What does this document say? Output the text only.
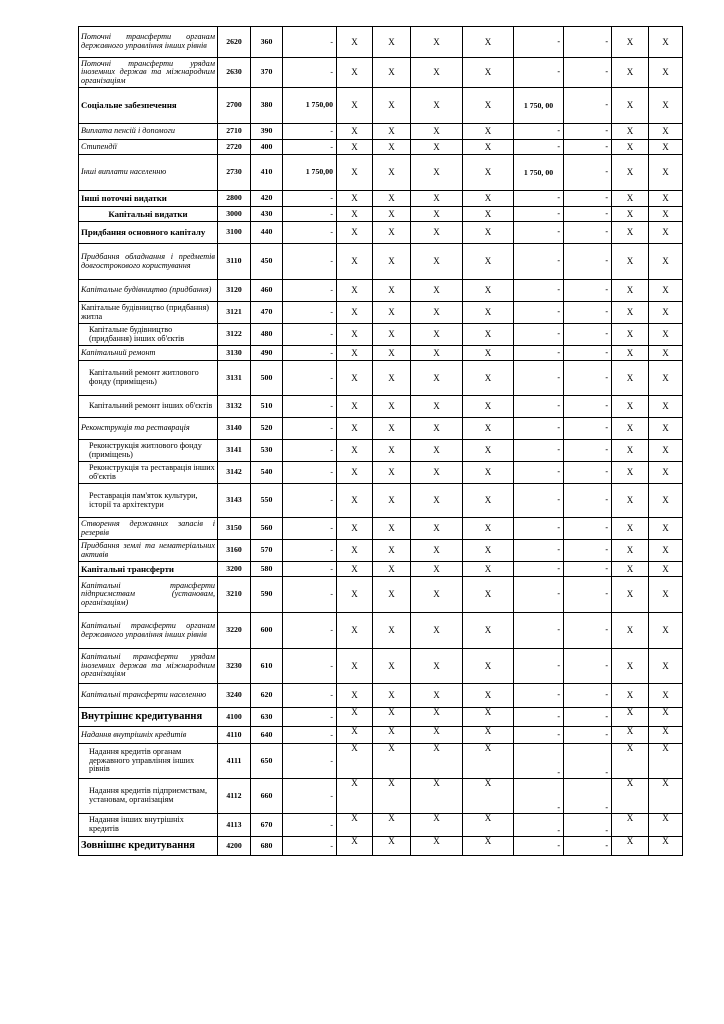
Поточні трансферти органам державного управління інших рівнів	2620	360	-	X	X	X	X	-	-	X	X
Поточні трансферти урядам іноземних держав та міжнародним організаціям	2630	370	-	X	X	X	X	-	-	X	X
Соціальне забезпечення	2700	380	1 750,00	X	X	X	X	1 750, 00	-	X	X
Виплата пенсій і допомоги	2710	390	-	X	X	X	X	-	-	X	X
Стипендії	2720	400	-	X	X	X	X	-	-	X	X
Інші виплати населенню	2730	410	1 750,00	X	X	X	X	1 750, 00	-	X	X
Інші поточні видатки	2800	420	-	X	X	X	X	-	-	X	X
Капітальні видатки	3000	430	-	X	X	X	X	-	-	X	X
Придбання основного капіталу	3100	440	-	X	X	X	X	-	-	X	X
Придбання обладнання і предметів довгострокового користування	3110	450	-	X	X	X	X	-	-	X	X
Капітальне будівництво (придбання)	3120	460	-	X	X	X	X	-	-	X	X
Капітальне будівництво (придбання) житла	3121	470	-	X	X	X	X	-	-	X	X
Капітальне будівництво (придбання) інших об'єктів	3122	480	-	X	X	X	X	-	-	X	X
Капітальний ремонт	3130	490	-	X	X	X	X	-	-	X	X
Капітальний ремонт житлового фонду (приміщень)	3131	500	-	X	X	X	X	-	-	X	X
Капітальний ремонт інших об'єктів	3132	510	-	X	X	X	X	-	-	X	X
Реконструкція та реставрація	3140	520	-	X	X	X	X	-	-	X	X
Реконструкція житлового фонду (приміщень)	3141	530	-	X	X	X	X	-	-	X	X
Реконструкція та реставрація інших об'єктів	3142	540	-	X	X	X	X	-	-	X	X
Реставрація пам'яток культури, історії та архітектури	3143	550	-	X	X	X	X	-	-	X	X
Створення державних запасів і резервів	3150	560	-	X	X	X	X	-	-	X	X
Придбання землі та нематеріальних активів	3160	570	-	X	X	X	X	-	-	X	X
Капітальні трансферти	3200	580	-	X	X	X	X	-	-	X	X
Капітальні трансферти підприємствам (установам, організаціям)	3210	590	-	X	X	X	X	-	-	X	X
Капітальні трансферти органам державного управління інших рівнів	3220	600	-	X	X	X	X	-	-	X	X
Капітальні трансферти урядам іноземних держав та міжнародним організаціям	3230	610	-	X	X	X	X	-	-	X	X
Капітальні трансферти населенню	3240	620	-	X	X	X	X	-	-	X	X
Внутрішнє кредитування	4100	630	-	X	X	X	X	-	-	X	X
Надання внутрішніх кредитів	4110	640	-	X	X	X	X	-	-	X	X
Надання кредитів органам державного управління інших рівнів	4111	650	-	X	X	X	X	-	-	X	X
Надання кредитів підприємствам, установам, організаціям	4112	660	-	X	X	X	X	-	-	X	X
Надання інших внутрішніх кредитів	4113	670	-	X	X	X	X	-	-	X	X
Зовнішнє кредитування	4200	680	-	X	X	X	X	-	-	X	X
